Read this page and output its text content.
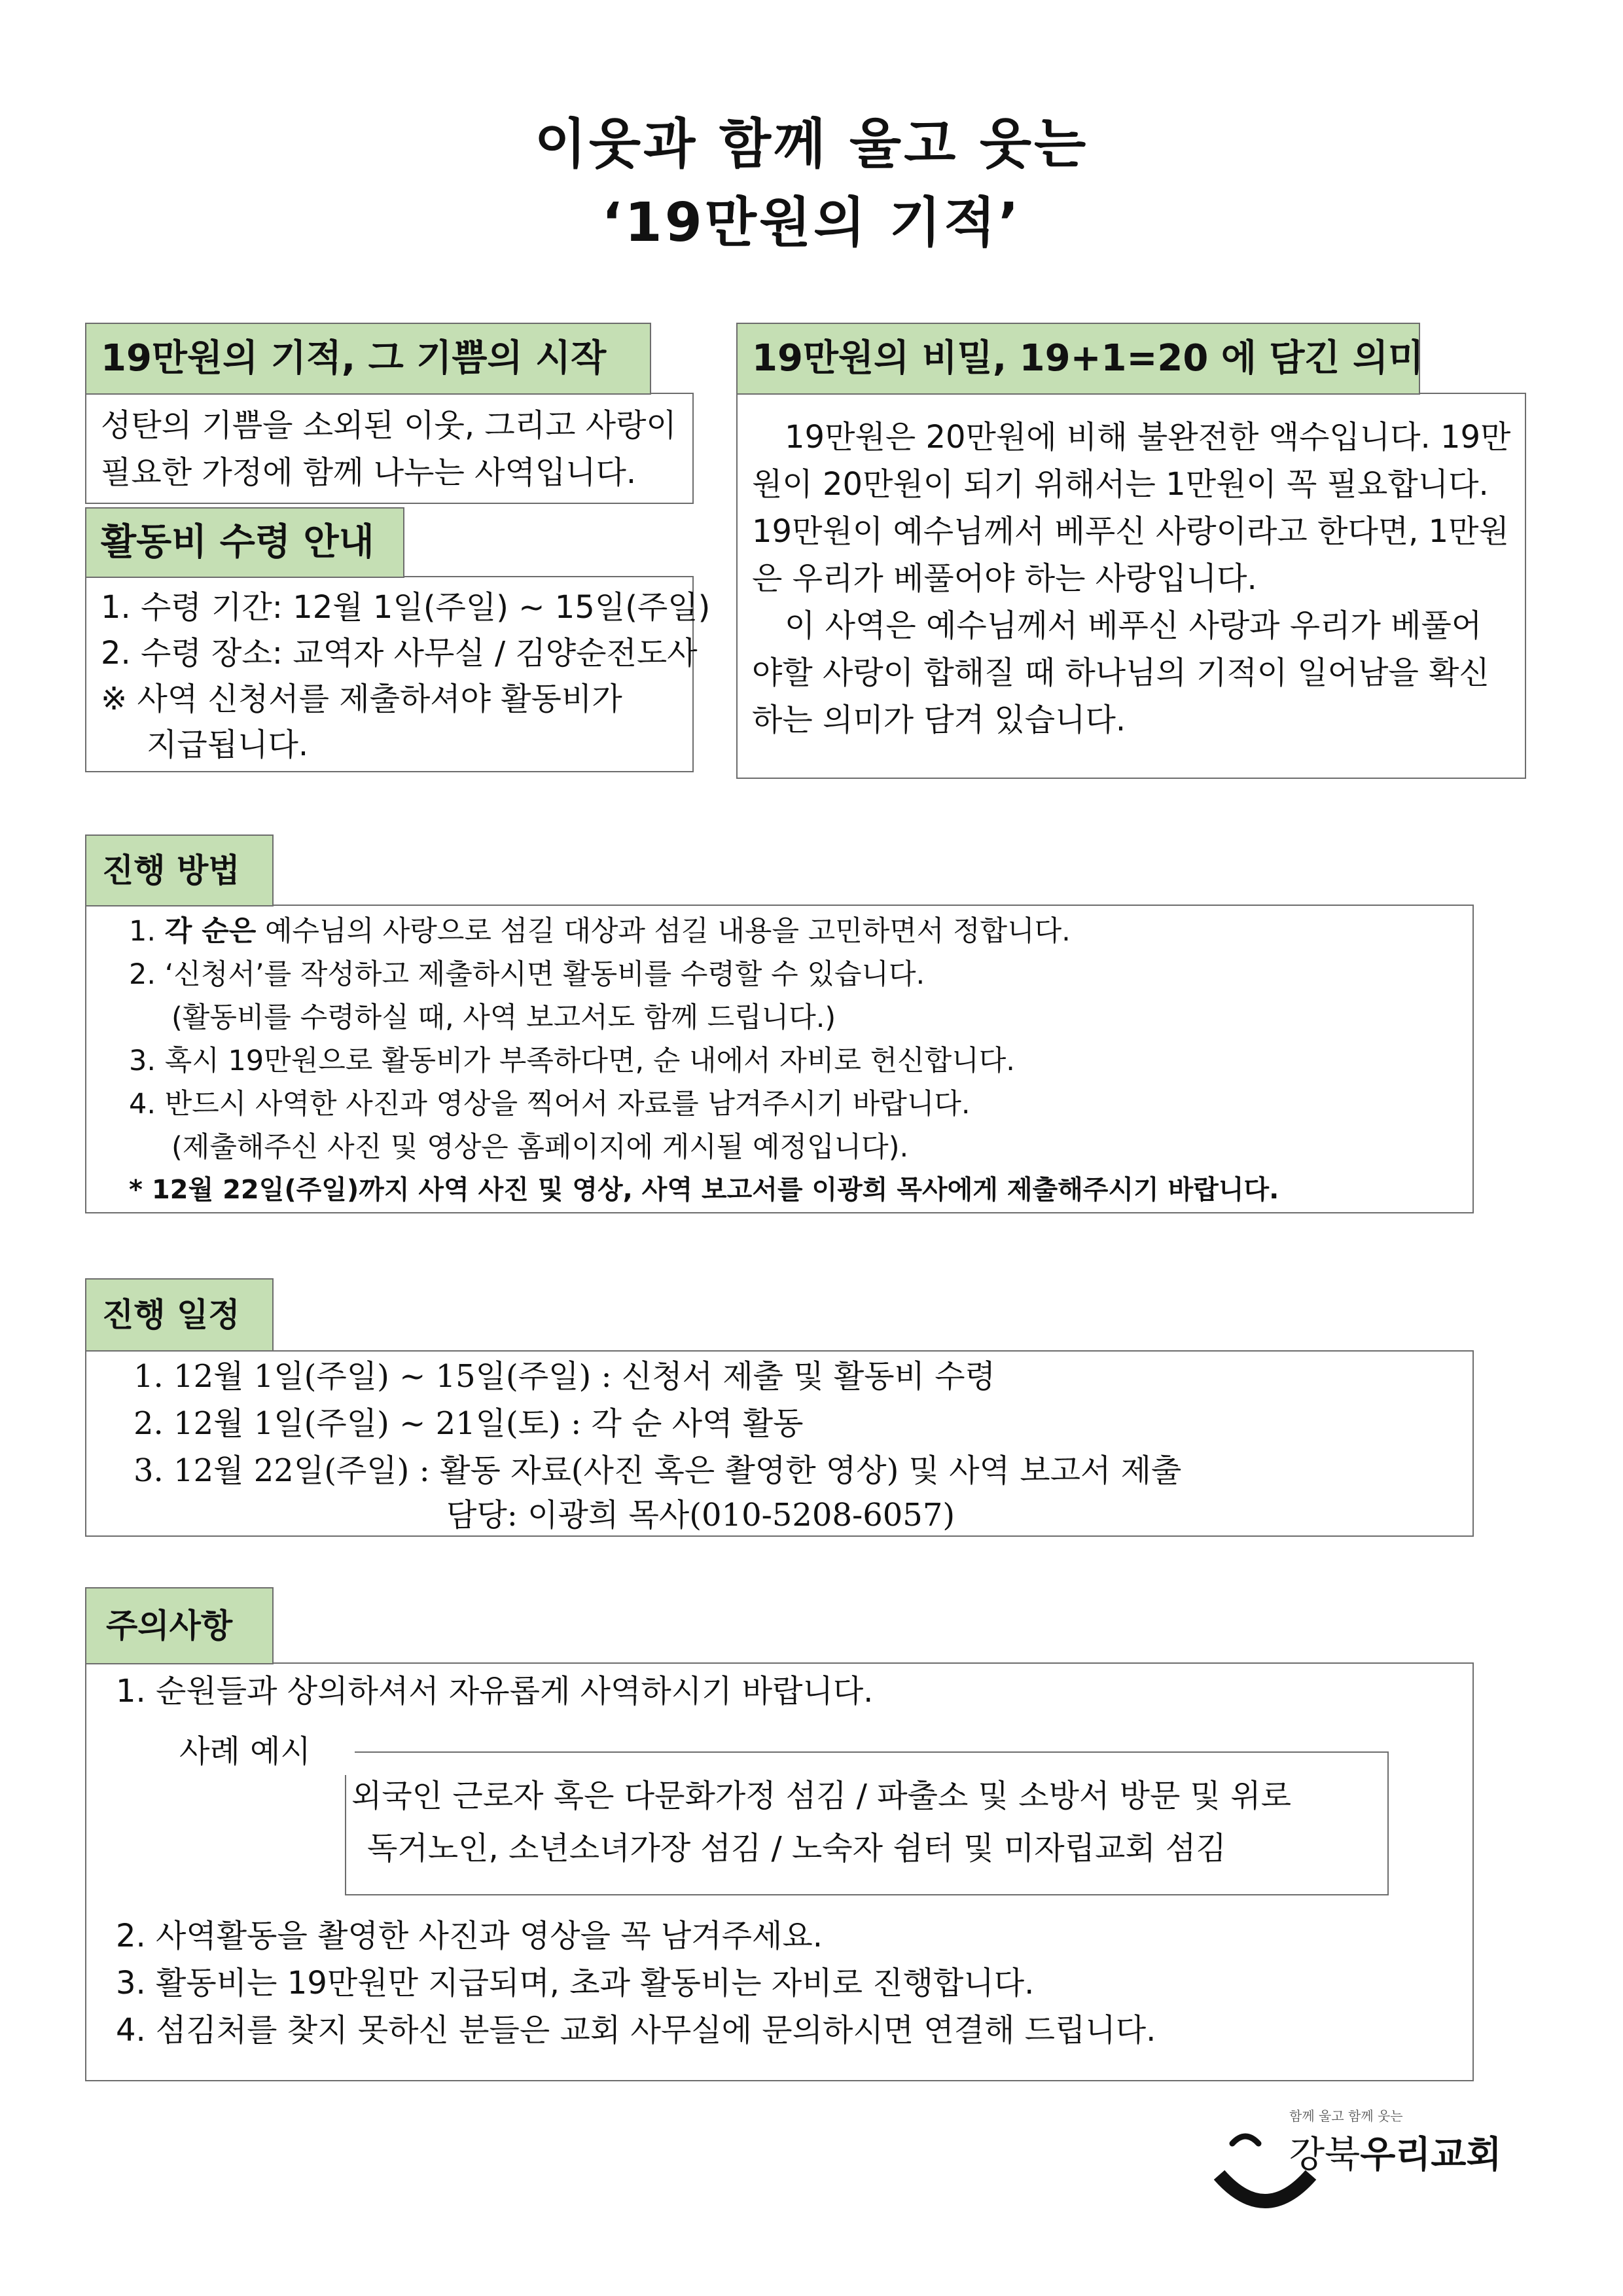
이웃과 함께 울고 웃는
‘19만원의 기적’
성탄의 기쁨을 소외된 이웃, 그리고 사랑이
필요한 가정에 함께 나누는 사역입니다.
19만원의 기적, 그 기쁨의 시작
1. 수령 기간: 12월 1일(주일) ~ 15일(주일)
2. 수령 장소: 교역자 사무실 / 김양순전도사
※ 사역 신청서를 제출하셔야 활동비가
지급됩니다.
활동비 수령 안내
19만원은 20만원에 비해 불완전한 액수입니다. 19만
원이 20만원이 되기 위해서는 1만원이 꼭 필요합니다.
19만원이 예수님께서 베푸신 사랑이라고 한다면, 1만원
은 우리가 베풀어야 하는 사랑입니다.
이 사역은 예수님께서 베푸신 사랑과 우리가 베풀어
야할 사랑이 합해질 때 하나님의 기적이 일어남을 확신
하는 의미가 담겨 있습니다.
19만원의 비밀, 19+1=20 에 담긴 의미
1. 각 순은 예수님의 사랑으로 섬길 대상과 섬길 내용을 고민하면서 정합니다.
2. ‘신청서’를 작성하고 제출하시면 활동비를 수령할 수 있습니다.
(활동비를 수령하실 때, 사역 보고서도 함께 드립니다.)
3. 혹시 19만원으로 활동비가 부족하다면, 순 내에서 자비로 헌신합니다.
4. 반드시 사역한 사진과 영상을 찍어서 자료를 남겨주시기 바랍니다.
(제출해주신 사진 및 영상은 홈페이지에 게시될 예정입니다).
* 12월 22일(주일)까지 사역 사진 및 영상, 사역 보고서를 이광희 목사에게 제출해주시기 바랍니다.
진행 방법
1. 12월 1일(주일) ~ 15일(주일) : 신청서 제출 및 활동비 수령
2. 12월 1일(주일) ~ 21일(토) : 각 순 사역 활동
3. 12월 22일(주일) : 활동 자료(사진 혹은 촬영한 영상) 및 사역 보고서 제출
담당: 이광희 목사(010-5208-6057)
진행 일정
1. 순원들과 상의하셔서 자유롭게 사역하시기 바랍니다.
사례 예시
외국인 근로자 혹은 다문화가정 섬김 / 파출소 및 소방서 방문 및 위로
독거노인, 소년소녀가장 섬김 / 노숙자 쉼터 및 미자립교회 섬김
2. 사역활동을 촬영한 사진과 영상을 꼭 남겨주세요.
3. 활동비는 19만원만 지급되며, 초과 활동비는 자비로 진행합니다.
4. 섬김처를 찾지 못하신 분들은 교회 사무실에 문의하시면 연결해 드립니다.
주의사항
함께 울고 함께 웃는
강북우리교회
